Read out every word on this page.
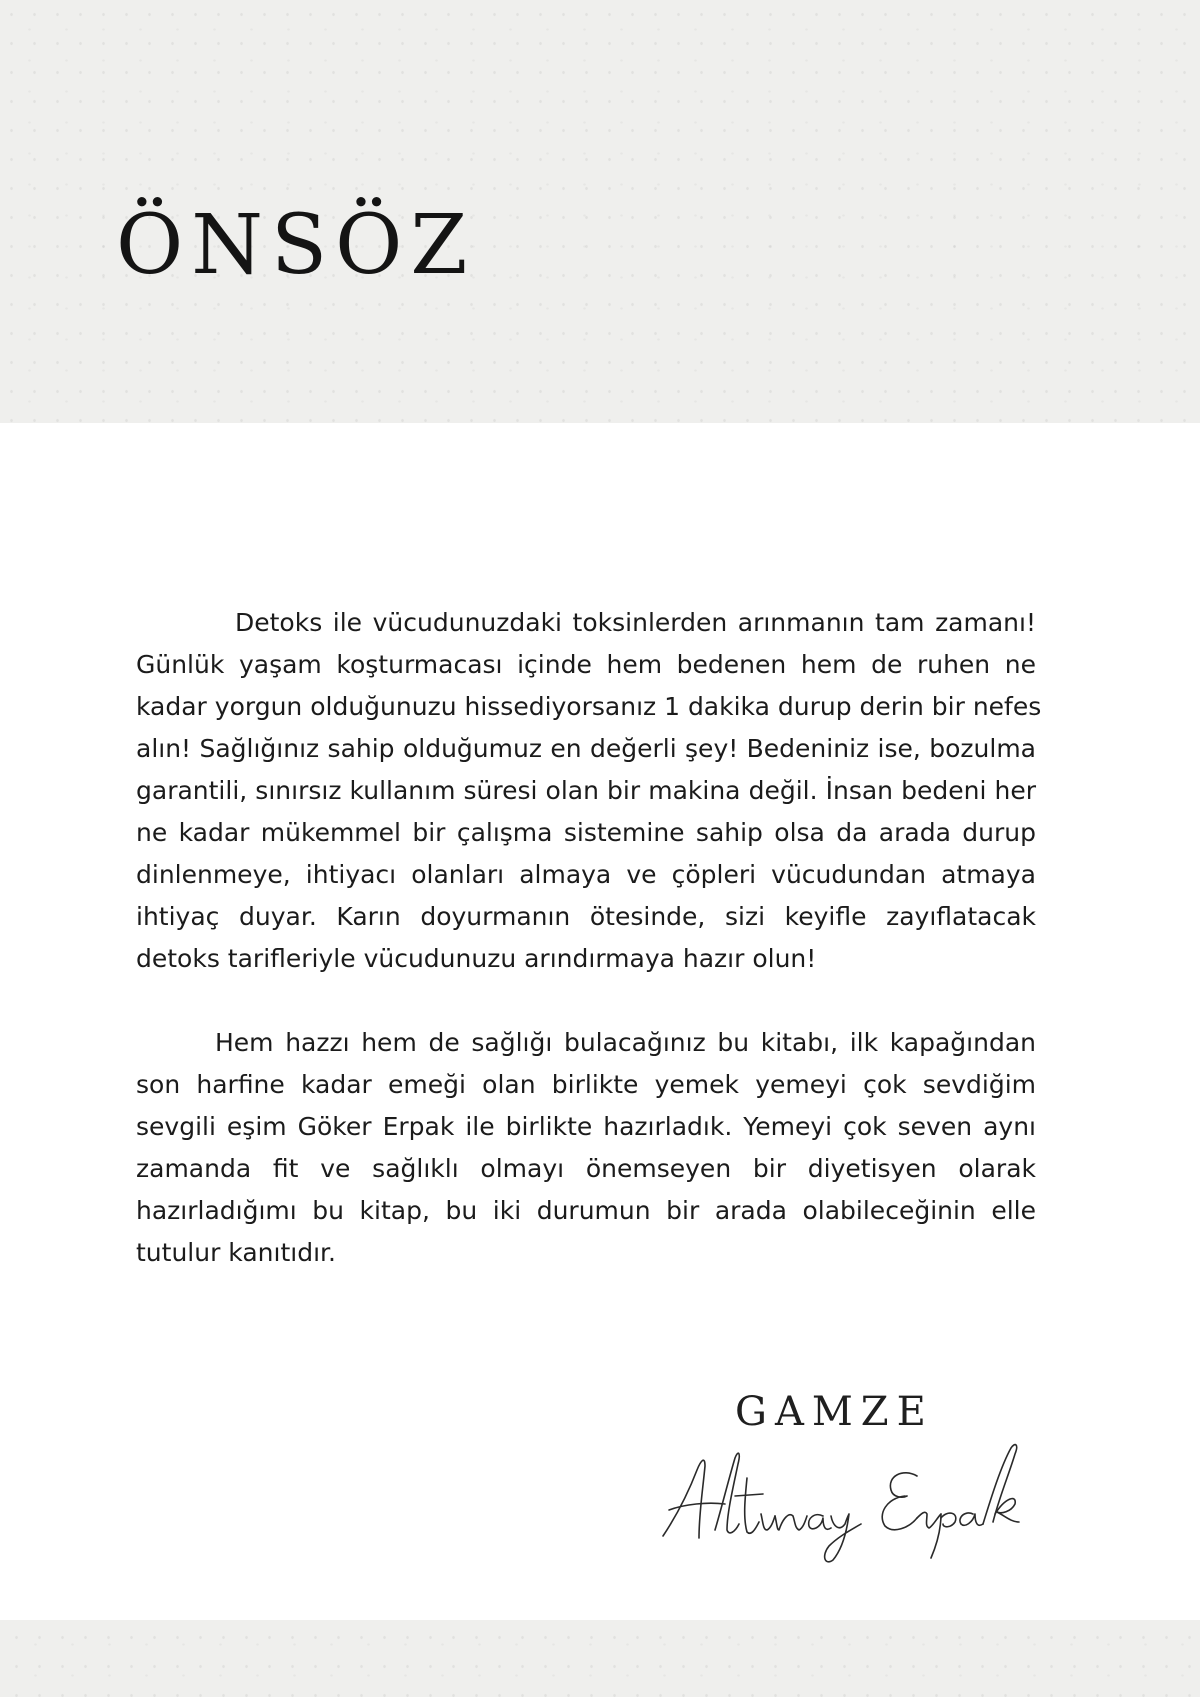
ÖNSÖZ

Detoks ile vücudunuzdaki toksinlerden arınmanın tam zamanı!
Günlük yaşam koşturmacası içinde hem bedenen hem de ruhen ne
kadar yorgun olduğunuzu hissediyorsanız 1 dakika durup derin bir nefes
alın! Sağlığınız sahip olduğumuz en değerli şey! Bedeniniz ise, bozulma
garantili, sınırsız kullanım süresi olan bir makina değil. İnsan bedeni her
ne kadar mükemmel bir çalışma sistemine sahip olsa da arada durup
dinlenmeye, ihtiyacı olanları almaya ve çöpleri vücudundan atmaya
ihtiyaç duyar. Karın doyurmanın ötesinde, sizi keyifle zayıflatacak
detoks tarifleriyle vücudunuzu arındırmaya hazır olun!

Hem hazzı hem de sağlığı bulacağınız bu kitabı, ilk kapağından
son harfine kadar emeği olan birlikte yemek yemeyi çok sevdiğim
sevgili eşim Göker Erpak ile birlikte hazırladık. Yemeyi çok seven aynı
zamanda fit ve sağlıklı olmayı önemseyen bir diyetisyen olarak
hazırladığımı bu kitap, bu iki durumun bir arada olabileceğinin elle
tutulur kanıtıdır.

GAMZE
